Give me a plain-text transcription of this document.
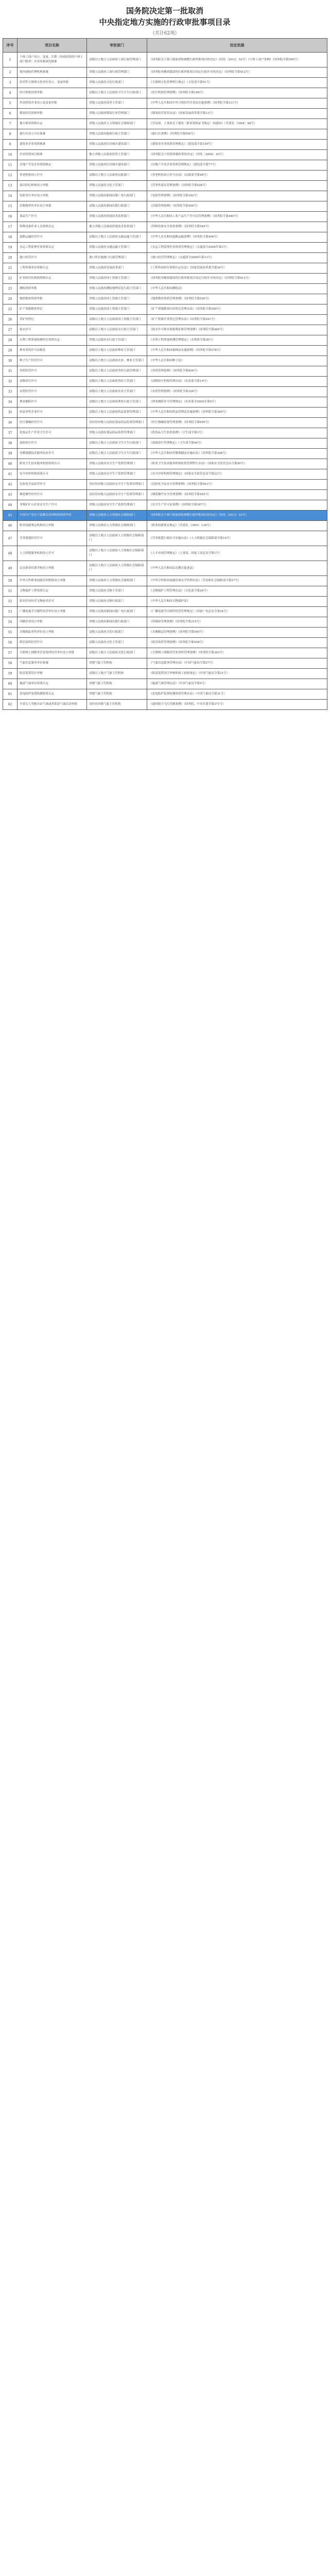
国务院决定第一批取消
中央指定地方实施的行政审批事项目录
（共计62项）
序号	项目名称	审批部门	设定依据
1	个体工商户设立、变更、注销（外商投资的个体工商户除外）企业名称预先核准	县级以上地方人民政府工商行政管理部门	《国务院关于第六批取消和调整行政审批项目的决定》（国发〔2012〕52号）《个体工商户条例》（国务院令第596号）
2	境内商标代理机构备案	省级人民政府工商行政管理部门	《国务院对确需保留的行政审批项目设定行政许可的决定》（国务院令第412号）
3	经营性互联网文化单位设立、变更审批	省级人民政府文化行政部门	《互联网文化管理暂行规定》（文化部令第51号）
4	医疗机构设置审批	县级以上地方人民政府卫生计生行政部门	《医疗机构管理条例》（国务院令第149号）
5	外商投资企业设立及变更审批	省级人民政府商务主管部门	《中华人民共和国中外合资经营企业法实施条例》（国务院令第311号）
6	煤炭经营资格审批	省级人民政府煤炭行业管理部门	《煤炭经营监管办法》（国家发展改革委令第13号）
7	地方职业资格认定	省级人民政府人力资源社会保障部门	《劳动部、人事部关于颁发〈职业资格证书规定〉的通知》（劳部发〔1994〕98号）
8	旅行社设立分社备案	省级人民政府旅游行政主管部门	《旅行社条例》（国务院令第550号）
9	建筑业企业资质核准	省级人民政府住房城乡建设部门	《建筑业企业资质管理规定》（建设部令第159号）
10	企业投资项目核准	地方各级人民政府投资主管部门	《国务院关于投资体制改革的决定》（国发〔2004〕20号）
11	房地产开发企业资质核定	省级人民政府住房城乡建设部门	《房地产开发企业资质管理规定》（建设部令第77号）
12	养老机构设立许可	县级以上地方人民政府民政部门	《养老机构设立许可办法》（民政部令第48号）
13	演出经纪机构设立审批	省级人民政府文化主管部门	《营业性演出管理条例》（国务院令第528号）
14	电影发行单位设立审批	省级人民政府新闻出版广电行政部门	《电影管理条例》（国务院令第342号）
15	出版物零售单位设立审批	县级人民政府新闻出版行政部门	《出版管理条例》（国务院令第594号）
16	食品生产许可	省级人民政府质量技术监督部门	《中华人民共和国工业产品生产许可证管理条例》（国务院令第440号）
17	特种设备作业人员资格认定	地方各级人民政府质量技术监督部门	《特种设备安全监察条例》（国务院令第549号）
18	道路运输经营许可	县级以上地方人民政府交通运输主管部门	《中华人民共和国道路运输条例》（国务院令第406号）
19	水运工程监理企业资质认定	省级人民政府交通运输主管部门	《水运工程监理企业资质管理规定》（交通部令2004年第3号）
20	港口经营许可	港口所在地港口行政管理部门	《港口经营管理规定》（交通部令2009年第13号）
21	工程咨询单位资格认定	省级人民政府发展改革部门	《工程咨询单位资格认定办法》（国家发展改革委令第29号）
22	矿业权评估机构资格认定	省级人民政府国土资源主管部门	《国务院对确需保留的行政审批项目设定行政许可的决定》（国务院令第412号）
23	测绘资质审批	省级人民政府测绘地理信息行政主管部门	《中华人民共和国测绘法》
24	地质勘查资质审批	省级人民政府国土资源主管部门	《地质勘查资质管理条例》（国务院令第520号）
25	矿产资源勘查登记	省级人民政府国土资源主管部门	《矿产资源勘查区块登记管理办法》（国务院令第240号）
26	采矿权登记	县级以上地方人民政府国土资源主管部门	《矿产资源开采登记管理办法》（国务院令第241号）
27	取水许可	县级以上地方人民政府水行政主管部门	《取水许可和水资源费征收管理条例》（国务院令第460号）
28	水利工程质量检测单位资质认定	省级人民政府水行政主管部门	《水利工程质量检测管理规定》（水利部令第36号）
29	林木采伐许可证核发	县级以上地方人民政府林业主管部门	《中华人民共和国森林法实施条例》（国务院令第278号）
30	种子生产经营许可	县级以上地方人民政府农业、林业主管部门	《中华人民共和国种子法》
31	兽药经营许可	县级以上地方人民政府兽医行政管理部门	《兽药管理条例》（国务院令第404号）
32	动物诊疗许可	县级以上地方人民政府兽医主管部门	《动物诊疗机构管理办法》（农业部令第19号）
33	农药经营许可	县级以上地方人民政府农业主管部门	《农药管理条例》（国务院令第326号）
34	渔业捕捞许可	县级以上地方人民政府渔业行政主管部门	《渔业捕捞许可管理规定》（农业部令2002年第4号）
35	药品零售企业许可	县级以上地方人民政府药品监督管理部门	《中华人民共和国药品管理法实施条例》（国务院令第360号）
36	医疗器械经营许可	设区的市级人民政府食品药品监督管理部门	《医疗器械监督管理条例》（国务院令第650号）
37	化妆品生产企业卫生许可	省级人民政府食品药品监督管理部门	《化妆品卫生监督条例》（卫生部令第3号）
38	放射诊疗许可	县级以上地方人民政府卫生计生行政部门	《放射诊疗管理规定》（卫生部令第46号）
39	母婴保健技术服务执业许可	县级以上地方人民政府卫生计生行政部门	《中华人民共和国母婴保健法实施办法》（国务院令第308号）
40	职业卫生技术服务机构资质认可	省级人民政府安全生产监督管理部门	《职业卫生技术服务机构监督管理暂行办法》（国家安全监管总局令第50号）
41	安全评价机构资质认可	省级人民政府安全生产监督管理部门	《安全评价机构管理规定》（国家安全监管总局令第22号）
42	危险化学品经营许可	设区的市级人民政府安全生产监督管理部门	《危险化学品安全管理条例》（国务院令第591号）
43	烟花爆竹经营许可	设区的市级人民政府安全生产监督管理部门	《烟花爆竹安全管理条例》（国务院令第455号）
44	非煤矿矿山企业安全生产许可	省级人民政府安全生产监督管理部门	《安全生产许可证条例》（国务院令第397号）
45	中国共产党员干部教育培训机构资质审查	省级人民政府人力资源社会保障部门	《国务院关于第六批取消和调整行政审批项目的决定》（国发〔2012〕52号）
46	职业技能鉴定机构设立审批	省级人民政府人力资源社会保障部门	《职业技能鉴定规定》（劳部发〔1993〕134号）
47	劳务派遣经营许可	县级以上地方人民政府人力资源社会保障部门	《劳务派遣行政许可实施办法》（人力资源社会保障部令第19号）
48	人力资源服务机构设立许可	县级以上地方人民政府人力资源社会保障部门	《人才市场管理规定》（人事部、国家工商总局令第1号）
49	民办职业培训学校设立审批	县级以上地方人民政府人力资源社会保障部门	《中华人民共和国民办教育促进法》
50	中外合作职业技能培训机构设立审批	省级人民政府人力资源社会保障部门	《中外合作职业技能培训办学管理办法》（劳动和社会保障部令第27号）
51	文物保护工程资质认定	省级人民政府文物主管部门	《文物保护工程管理办法》（文化部令第26号）
52	拍卖企业经营文物拍卖许可	省级人民政府文物行政部门	《中华人民共和国文物保护法》
53	广播电视节目制作经营单位设立审批	省级人民政府新闻出版广电行政部门	《广播电视节目制作经营管理规定》（国家广电总局令第34号）
54	印刷企业设立审批	省级人民政府新闻出版行政部门	《印刷业管理条例》（国务院令第315号）
55	音像制品零售单位设立审批	县级人民政府文化行政部门	《音像制品管理条例》（国务院令第595号）
56	娱乐场所经营许可	县级人民政府文化主管部门	《娱乐场所管理条例》（国务院令第458号）
57	互联网上网服务营业场所经营单位设立审批	县级以上地方人民政府文化行政部门	《互联网上网服务营业场所管理条例》（国务院令第363号）
58	气象信息服务单位备案	省级气象主管机构	《气象信息服务管理办法》（中国气象局令第27号）
59	防雷装置设计审核	县级以上地方气象主管机构	《防雷装置设计审核和竣工验收规定》（中国气象局令第21号）
60	施放气球单位资质认定	省级气象主管机构	《施放气球管理办法》（中国气象局令第9号）
61	雷电防护装置检测资质认定	省级气象主管机构	《雷电防护装置检测资质管理办法》（中国气象局令第31号）
62	升放无人驾驶自由气球或者系留气球活动审批	设区的市级气象主管机构	《通用航空飞行管制条例》（国务院、中央军委令第371号）
